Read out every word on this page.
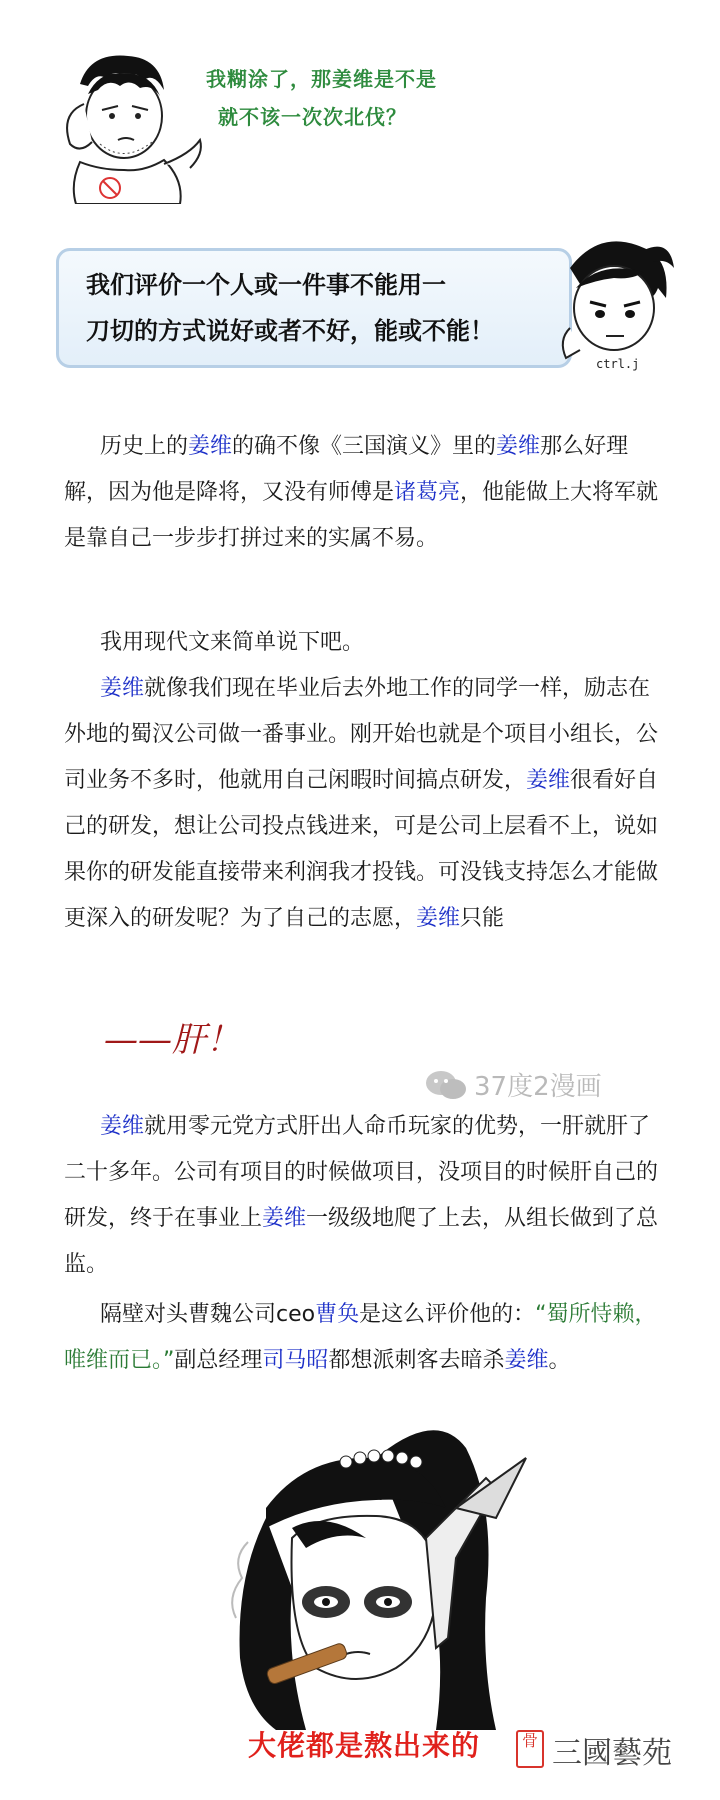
我糊涂了，那姜维是不是
就不该一次次北伐？
我们评价一个人或一件事不能用一
刀切的方式说好或者不好，能或不能！
ctrl.j

历史上的姜维的确不像《三国演义》里的姜维那么好理解，因为他是降将，又没有师傅是诸葛亮，他能做上大将军就是靠自己一步步打拼过来的实属不易。

我用现代文来简单说下吧。

姜维就像我们现在毕业后去外地工作的同学一样，励志在外地的蜀汉公司做一番事业。刚开始也就是个项目小组长，公司业务不多时，他就用自己闲暇时间搞点研发，姜维很看好自己的研发，想让公司投点钱进来，可是公司上层看不上，说如果你的研发能直接带来利润我才投钱。可没钱支持怎么才能做更深入的研发呢？为了自己的志愿，姜维只能

——肝！
37度2漫画

姜维就用零元党方式肝出人命币玩家的优势，一肝就肝了二十多年。公司有项目的时候做项目，没项目的时候肝自己的研发，终于在事业上姜维一级级地爬了上去，从组长做到了总监。

隔壁对头曹魏公司ceo曹奂是这么评价他的：“蜀所恃赖，唯维而已。”副总经理司马昭都想派刺客去暗杀姜维。

大佬都是熬出来的	骨 三國藝苑
